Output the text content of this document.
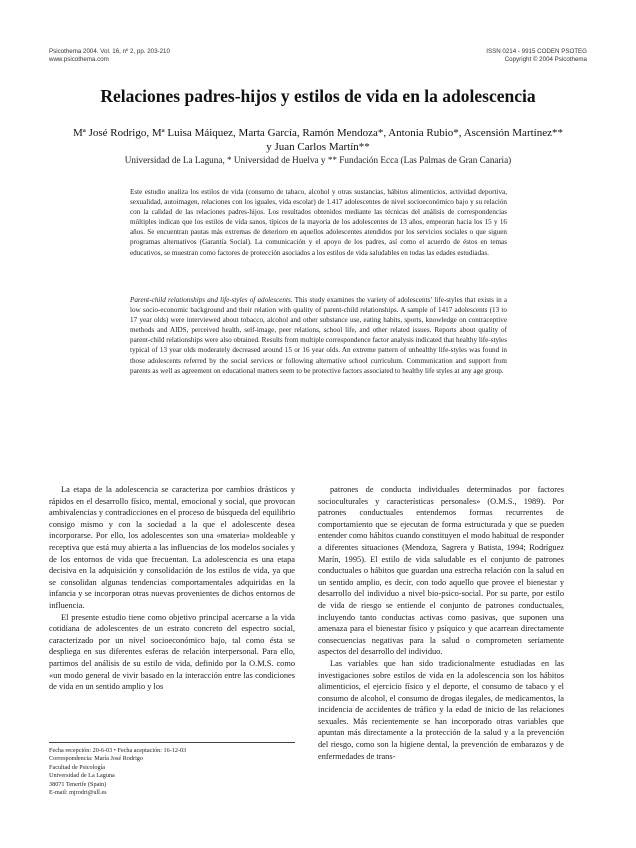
Psicothema 2004. Vol. 16, nº 2, pp. 203-210
www.psicothema.com
ISSN 0214 - 9915 CODEN PSOTEG
Copyright © 2004 Psicothema
Relaciones padres-hijos y estilos de vida en la adolescencia
Mª José Rodrigo, Mª Luisa Máiquez, Marta García, Ramón Mendoza*, Antonia Rubio*, Ascensión Martínez**
y Juan Carlos Martín**
Universidad de La Laguna, * Universidad de Huelva y ** Fundación Ecca (Las Palmas de Gran Canaria)

Este estudio analiza los estilos de vida (consumo de tabaco, alcohol y otras sustancias, hábitos alimenticios, actividad deportiva, sexualidad, autoimagen, relaciones con los iguales, vida escolar) de 1.417 adolescentes de nivel socioeconómico bajo y su relación con la calidad de las relaciones padres-hijos. Los resultados obtenidos mediante las técnicas del análisis de correspondencias múltiples indican que los estilos de vida sanos, típicos de la mayoría de los adolescentes de 13 años, empeoran hacia los 15 y 16 años. Se encuentran pautas más extremas de deterioro en aquellos adolescentes atendidos por los servicios sociales o que siguen programas alternativos (Garantía Social). La comunicación y el apoyo de los padres, así como el acuerdo de éstos en temas educativos, se muestran como factores de protección asociados a los estilos de vida saludables en todas las edades estudiadas.

Parent-child relationships and life-styles of adolescents. This study examines the variety of adolescents’ life-styles that exists in a low socio-economic background and their relation with quality of parent-child relationships. A sample of 1417 adolescents (13 to 17 year olds) were interviewed about tobacco, alcohol and other substance use, eating habits, sports, knowledge on contraceptive methods and AIDS, perceived health, self-image, peer relations, school life, and other related issues. Reports about quality of parent-child relationships were also obtained. Results from multiple correspondence factor analysis indicated that healthy life-styles typical of 13 year olds moderately decreased around 15 or 16 year olds. An extreme pattern of unhealthy life-styles was found in those adolescents referred by the social services or following alternative school curriculum. Communication and support from parents as well as agreement on educational matters seem to be protective factors associated to healthy life styles at any age group.

La etapa de la adolescencia se caracteriza por cambios drásticos y rápidos en el desarrollo físico, mental, emocional y social, que provocan ambivalencias y contradicciones en el proceso de búsqueda del equilibrio consigo mismo y con la sociedad a la que el adolescente desea incorporarse. Por ello, los adolescentes son una «materia» moldeable y receptiva que está muy abierta a las influencias de los modelos sociales y de los entornos de vida que frecuentan. La adolescencia es una etapa decisiva en la adquisición y consolidación de los estilos de vida, ya que se consolidan algunas tendencias comportamentales adquiridas en la infancia y se incorporan otras nuevas provenientes de dichos entornos de influencia.

El presente estudio tiene como objetivo principal acercarse a la vida cotidiana de adolescentes de un estrato concreto del espectro social, caracterizado por un nivel socioeconómico bajo, tal como ésta se despliega en sus diferentes esferas de relación interpersonal. Para ello, partimos del análisis de su estilo de vida, definido por la O.M.S. como «un modo general de vivir basado en la interacción entre las condiciones de vida en un sentido amplio y los

patrones de conducta individuales determinados por factores socioculturales y características personales» (O.M.S., 1989). Por patrones conductuales entendemos formas recurrentes de comportamiento que se ejecutan de forma estructurada y que se pueden entender como hábitos cuando constituyen el modo habitual de responder a diferentes situaciones (Mendoza, Sagrera y Batista, 1994; Rodríguez Marín, 1995). El estilo de vida saludable es el conjunto de patrones conductuales o hábitos que guardan una estrecha relación con la salud en un sentido amplio, es decir, con todo aquello que provee el bienestar y desarrollo del individuo a nivel bio-psico-social. Por su parte, por estilo de vida de riesgo se entiende el conjunto de patrones conductuales, incluyendo tanto conductas activas como pasivas, que suponen una amenaza para el bienestar físico y psíquico y que acarrean directamente consecuencias negativas para la salud o comprometen seriamente aspectos del desarrollo del individuo.

Las variables que han sido tradicionalmente estudiadas en las investigaciones sobre estilos de vida en la adolescencia son los hábitos alimenticios, el ejercicio físico y el deporte, el consumo de tabaco y el consumo de alcohol, el consumo de drogas ilegales, de medicamentos, la incidencia de accidentes de tráfico y la edad de inicio de las relaciones sexuales. Más recientemente se han incorporado otras variables que apuntan más directamente a la protección de la salud y a la prevención del riesgo, como son la higiene dental, la prevención de embarazos y de enfermedades de trans-

Fecha recepción: 20-6-03 • Fecha aceptación: 16-12-03
Correspondencia: María José Rodrigo
Facultad de Psicología
Universidad de La Laguna
38071 Tenerife (Spain)
E-mail: mjrodri@ull.es
